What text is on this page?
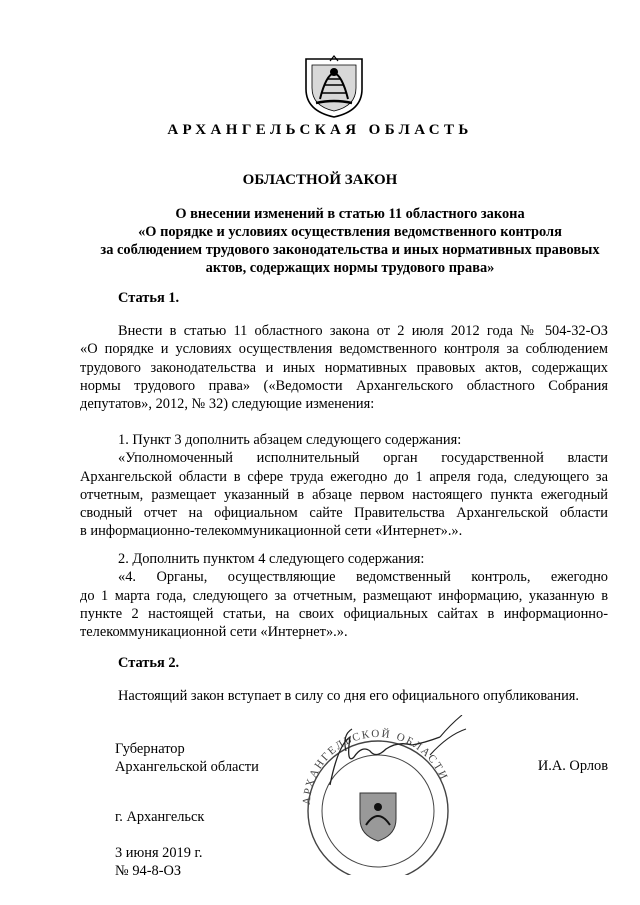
АРХАНГЕЛЬСКАЯ ОБЛАСТЬ
ОБЛАСТНОЙ ЗАКОН
О внесении изменений в статью 11 областного закона
«О порядке и условиях осуществления ведомственного контроля
за соблюдением трудового законодательства и иных нормативных правовых
актов, содержащих нормы трудового права»
Статья 1.
Внести в статью 11 областного закона от 2 июля 2012 года № 504-32-ОЗ
«О порядке и условиях осуществления ведомственного контроля за соблюдением
трудового законодательства и иных нормативных правовых актов, содержащих
нормы трудового права» («Ведомости Архангельского областного Собрания
депутатов», 2012, № 32) следующие изменения:
1. Пункт 3 дополнить абзацем следующего содержания:
«Уполномоченный исполнительный орган государственной власти
Архангельской области в сфере труда ежегодно до 1 апреля года, следующего за
отчетным, размещает указанный в абзаце первом настоящего пункта ежегодный
сводный отчет на официальном сайте Правительства Архангельской области
в информационно-телекоммуникационной сети «Интернет».».
2. Дополнить пунктом 4 следующего содержания:
«4. Органы, осуществляющие ведомственный контроль, ежегодно
до 1 марта года, следующего за отчетным, размещают информацию, указанную в
пункте 2 настоящей статьи, на своих официальных сайтах в информационно-
телекоммуникационной сети «Интернет».».
Статья 2.
Настоящий закон вступает в силу со дня его официального опубликования.
АРХАНГЕЛЬСКОЙ ОБЛАСТИ
Губернатор
Архангельской области	И.А. Орлов
г. Архангельск
3 июня 2019 г.
№ 94-8-ОЗ
